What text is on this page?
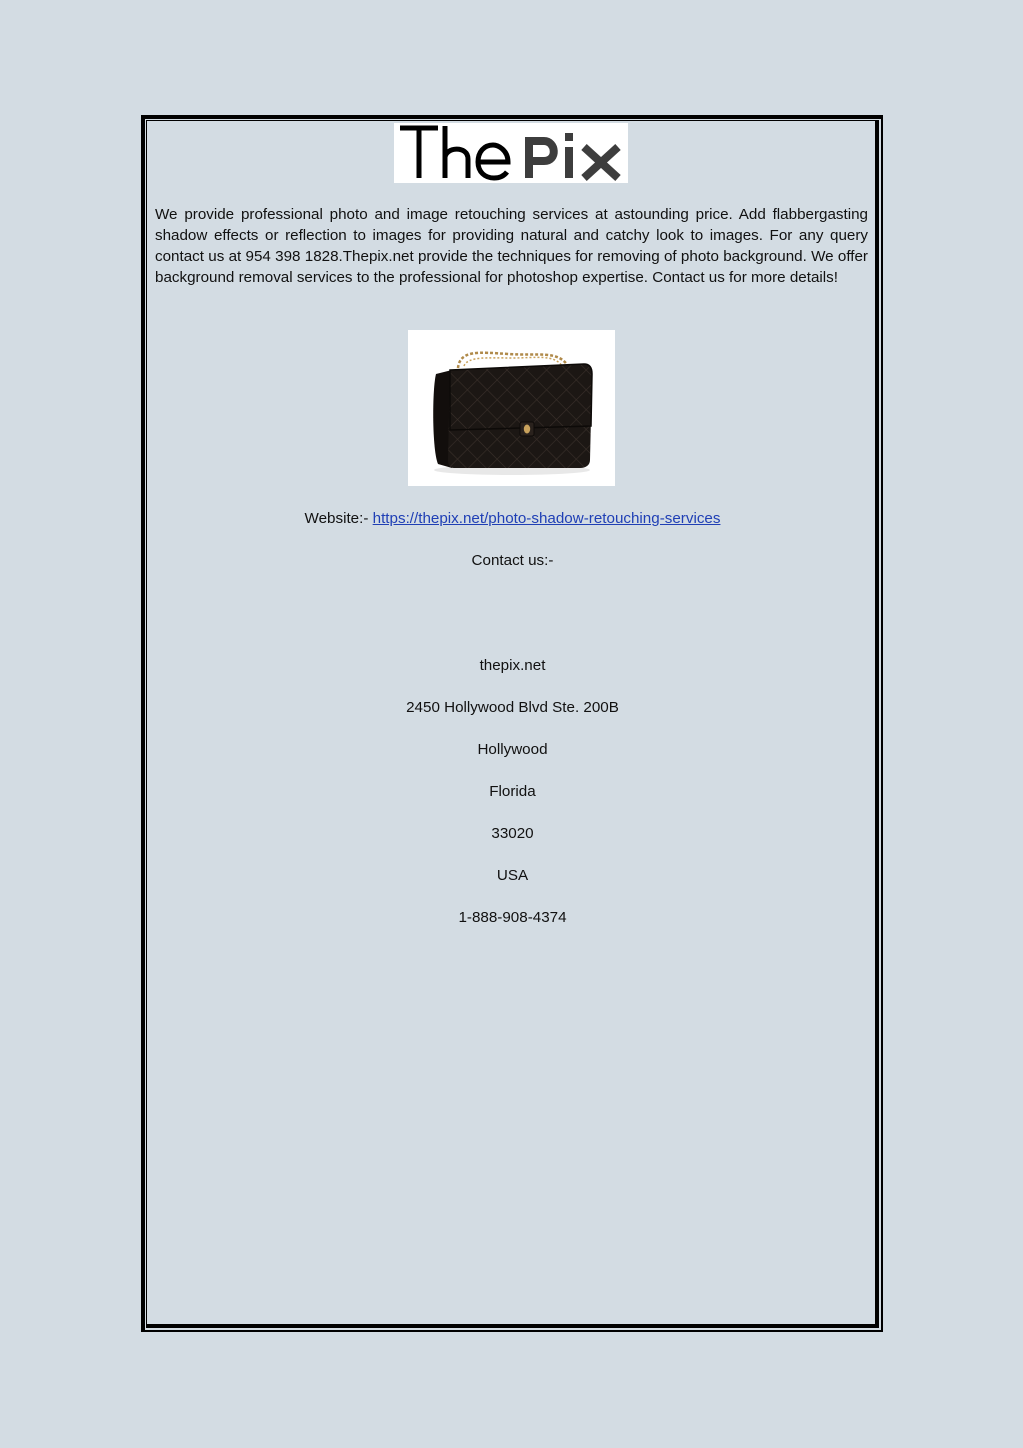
We provide professional photo and image retouching services at astounding price. Add flabbergasting shadow effects or reflection to images for providing natural and catchy look to images. For any query contact us at 954 398 1828.Thepix.net provide the techniques for removing of photo background. We offer background removal services to the professional for photoshop expertise. Contact us for more details!

Website:- https://thepix.net/photo-shadow-retouching-services

Contact us:-

thepix.net

2450 Hollywood Blvd Ste. 200B

Hollywood

Florida

33020

USA

1-888-908-4374
